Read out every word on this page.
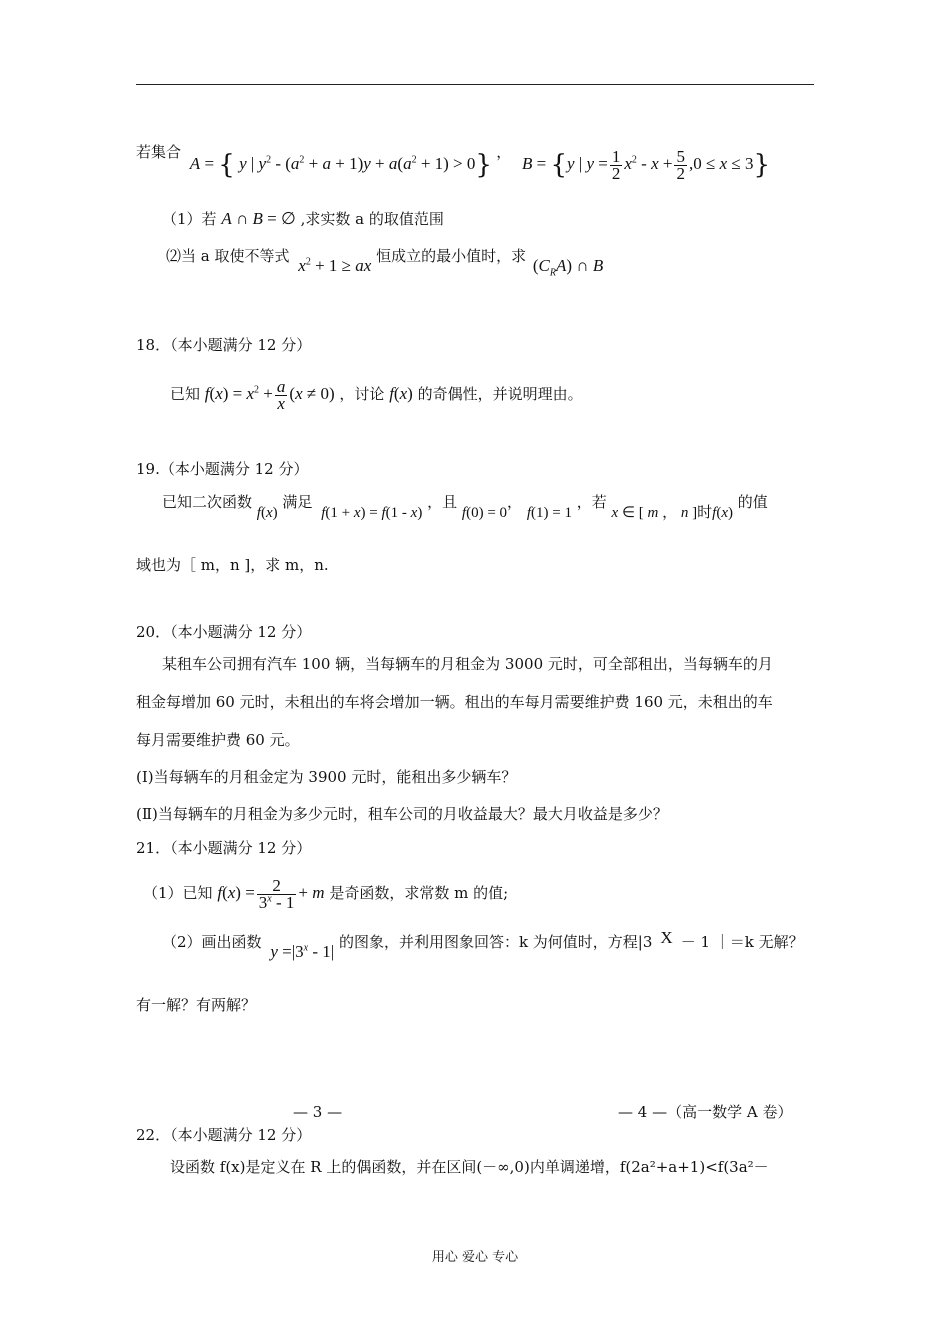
若集合 A = { y | $y^2 - (a^2 + a + 1)y + a(a^2 + 1) > 0$} ， B = {y | $y = \frac{1}{2} x^2 - x + \frac{5}{2} ,0 \le x \le 3$}
（1）若 A ∩ B = ∅ ,求实数 a 的取值范围
⑵当 a 取使不等式 $x^2 + 1$ ≥ ax 恒成立的最小值时，求 $(C_RA)$ ∩ B
18．（本小题满分 12 分）
已知 $f(x) = x^2 + \frac{a}{x} (x \ne 0)$ ，讨论 f(x) 的奇偶性，并说明理由。
19.（本小题满分 12 分）
已知二次函数 f(x) 满足 f(1 + x) = f(1 - x) ，且 f(0) = 0， f(1) = 1 ，若 x ∈ [ m ， n ]时f(x) 的值
域也为［ m，n ]，求 m，n.
20．（本小题满分 12 分）
某租车公司拥有汽车 100 辆，当每辆车的月租金为 3000 元时，可全部租出，当每辆车的月
租金每增加 60 元时，未租出的车将会增加一辆。租出的车每月需要维护费 160 元，未租出的车
每月需要维护费 60 元。
(Ⅰ)当每辆车的月租金定为 3900 元时，能租出多少辆车？
(Ⅱ)当每辆车的月租金为多少元时，租车公司的月收益最大？最大月收益是多少？
21．（本小题满分 12 分）
（1）已知 $f(x) = \frac{2}{3^x - 1} + m$ 是奇函数，求常数 m 的值;
（2）画出函数 $y =|3^x - 1|$ 的图象，并利用图象回答：k 为何值时，方程|3 X － 1 ｜＝k 无解？
有一解？有两解？
— 3 —	— 4 —（高一数学 A 卷）
22．（本小题满分 12 分）
设函数 f(x)是定义在 R 上的偶函数，并在区间(－∞,0)内单调递增，f(2a²+a+1)<f(3a²－
用心 爱心 专心
